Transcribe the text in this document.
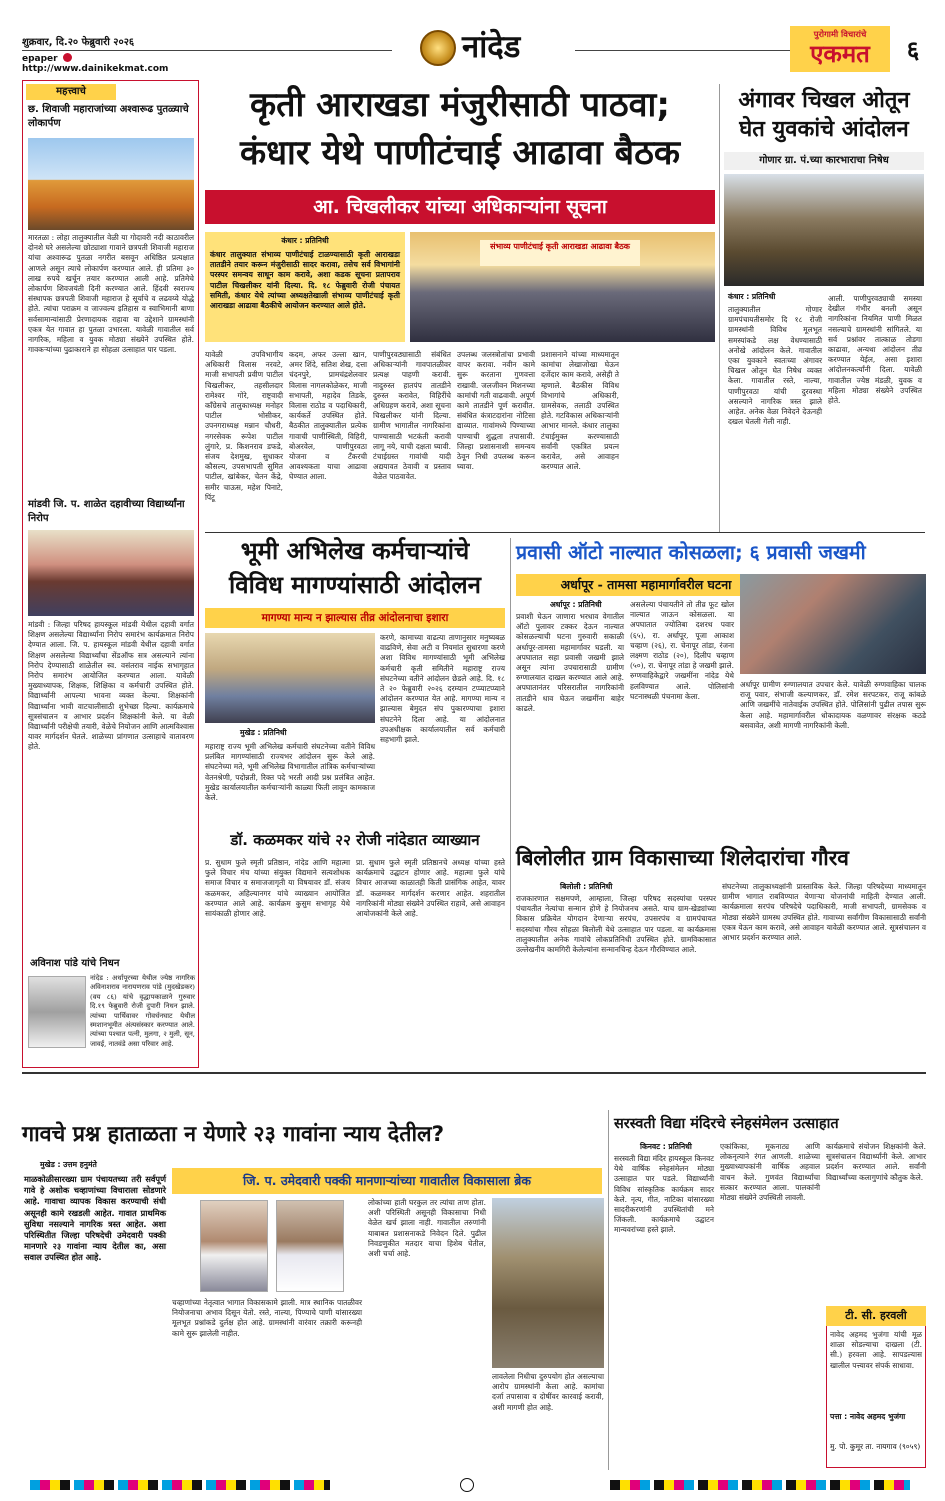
शुक्रवार, दि.२० फेब्रुवारी २०२६
epaper  http://www.dainikekmat.com
नांदेड	पुरोगामी विचारांचे
एकमत	६
महत्त्वाचे
छ. शिवाजी महाराजांच्या अश्वारूढ पुतळ्याचे लोकार्पण
मारतळा : लोहा तालुक्यातील वेळी या गोदावरी नदी काठावरील दोनशे घरे असलेल्या छोट्याशा गावाने छत्रपती शिवाजी महाराज यांचा अश्वारूढ पुतळा नगरीत बसवून अधिष्ठित प्रत्यक्षात आणले असून त्याचे लोकार्पण करण्यात आले. ही प्रतिमा ३० लाख रुपये खर्चून तयार करण्यात आली आहे. प्रतिमेचे लोकार्पण शिवजयंती दिनी करण्यात आले. हिंदवी स्वराज्य संस्थापक छत्रपती शिवाजी महाराज हे सूर्याचे व लढवय्ये योद्धे होते. त्यांचा पराक्रम व जाज्वल्य इतिहास व स्वाभिमानी बाणा सर्वसामान्यांसाठी प्रेरणादायक राहावा या उद्देशाने ग्रामस्थांनी एकत्र येत गावात हा पुतळा उभारला. यावेळी गावातील सर्व नागरिक, महिला व युवक मोठ्या संख्येने उपस्थित होते. गावकऱ्यांच्या पुढाकाराने हा सोहळा उत्साहात पार पडला.
मांडवी जि. प. शाळेत दहावीच्या विद्यार्थ्यांना निरोप
मांडवी : जिल्हा परिषद हायस्कूल मांडवी येथील दहावी वर्गात शिक्षण असलेल्या विद्यार्थ्यांना निरोप समारंभ कार्यक्रमात निरोप देण्यात आला. जि. प. हायस्कूल मांडवी येथील दहावी वर्गात शिक्षण असलेल्या विद्यार्थ्यांचा सेंडऑफ सत्र असल्याने त्यांना निरोप देण्यासाठी शाळेतील स्व. वसंतराव नाईक सभागृहात निरोप समारंभ आयोजित करण्यात आला. यावेळी मुख्याध्यापक, शिक्षक, शिक्षिका व कर्मचारी उपस्थित होते. विद्यार्थ्यांनी आपल्या भावना व्यक्त केल्या. शिक्षकांनी विद्यार्थ्यांना भावी वाटचालीसाठी शुभेच्छा दिल्या. कार्यक्रमाचे सूत्रसंचालन व आभार प्रदर्शन शिक्षकांनी केले. या वेळी विद्यार्थ्यांनी परीक्षेची तयारी, वेळेचे नियोजन आणि आत्मविश्वास यावर मार्गदर्शन घेतले. शाळेच्या प्रांगणात उत्साहाचे वातावरण होते.
अविनाश पांडे यांचे निधन
नांदेड : अर्धापूरच्या येथील ज्येष्ठ नागरिक अविनाशराव नारायणराव पांडे (मुदखेडकर) (वय ८६) यांचे वृद्धापकाळाने गुरुवार दि.१९ फेब्रुवारी रोजी दुपारी निधन झाले. त्यांच्या पार्थिवावर गोवर्धनघाट येथील स्मशानभूमीत अंत्यसंस्कार करण्यात आले. त्यांच्या पश्चात पत्नी, मुलगा, २ मुली, सून, जावई, नातवंडे असा परिवार आहे.
कृती आराखडा मंजुरीसाठी पाठवा;
कंधार येथे पाणीटंचाई आढावा बैठक
आ. चिखलीकर यांच्या अधिकाऱ्यांना सूचना
कंधार : प्रतिनिधी
कंधार तालुक्यात संभाव्य पाणीटंचाई टाळण्यासाठी कृती आराखडा तातडीने तयार करून मंजुरीसाठी सादर करावा, तसेच सर्व विभागांनी परस्पर समन्वय साधून काम करावे, अशा कडक सूचना प्रतापराव पाटील चिखलीकर यांनी दिल्या. दि. १८ फेब्रुवारी रोजी पंचायत समिती, कंधार येथे त्यांच्या अध्यक्षतेखाली संभाव्य पाणीटंचाई कृती आराखडा आढावा बैठकीचे आयोजन करण्यात आले होते.
संभाव्य पाणीटंचाई कृती आराखडा आढावा बैठक
यावेळी उपविभागीय अधिकारी विलास नरवटे, माजी सभापती प्रवीण पाटील चिखलीकर, तहसीलदार रामेश्वर गोरे, राष्ट्रवादी काँग्रेसचे तालुकाध्यक्ष मनोहर पाटील भोसीकर, उपनगराध्यक्ष मन्नान चौधरी, नगरसेवक रूपेश पाटील लुंगारे, प्र. किशनराव डफडे, संजय देशमुख, सुधाकर कौसल्य, उपसभापती सुमित पाटील, खांबेकर, चेतन केंद्रे, समीर चाऊस, महेश पिनाटे, पिंटू
कदम, अफर उल्ला खान, अमर शिंदे, सतिश शेख, दत्ता चंदनपुरे, प्रामचंद्रशेलवार विलास नागलकोळेकर, माजी सभापती, महादेव तिडके, विलास राठोड व पदाधिकारी, कार्यकर्ते उपस्थित होते. बैठकीत तालुक्यातील प्रत्येक गावाची पाणीस्थिती, विहिरी, बोअरवेल, पाणीपुरवठा योजना व टँकरची आवश्यकता याचा आढावा घेण्यात आला.
पाणीपुरवठ्यासाठी संबंधित अधिकाऱ्यांनी गावपातळीवर प्रत्यक्ष पाहणी करावी. नादुरुस्त हातपंप तातडीने दुरुस्त करावेत, विहिरींचे अधिग्रहण करावे, अशा सूचना चिखलीकर यांनी दिल्या. ग्रामीण भागातील नागरिकांना पाण्यासाठी भटकंती करावी लागू नये, याची दक्षता घ्यावी. टंचाईग्रस्त गावांची यादी अद्ययावत ठेवावी व प्रस्ताव वेळेत पाठवावेत.
उपलब्ध जलस्त्रोतांचा प्रभावी वापर करावा. नवीन कामे सुरू करताना गुणवत्ता राखावी. जलजीवन मिशनच्या कामांची गती वाढवावी. अपूर्ण कामे तातडीने पूर्ण करावीत. संबंधित कंत्राटदारांना नोटिसा द्याव्यात. गावांमध्ये पिण्याच्या पाण्याची शुद्धता तपासावी. जिल्हा प्रशासनाशी समन्वय ठेवून निधी उपलब्ध करून घ्यावा.
प्रशासनाने यांच्या माध्यमातून कामांचा लेखाजोखा घेऊन दर्जेदार काम करावे, असेही ते म्हणाले. बैठकीस विविध विभागांचे अधिकारी, ग्रामसेवक, तलाठी उपस्थित होते. गटविकास अधिकाऱ्यांनी आभार मानले. कंधार तालुका टंचाईमुक्त करण्यासाठी सर्वांनी एकत्रित प्रयत्न करावेत, असे आवाहन करण्यात आले.
अंगावर चिखल ओतून घेत युवकांचे आंदोलन
गोणार ग्रा. पं.च्या कारभाराचा निषेध
कंधार : प्रतिनिधी
तालुक्यातील गोणार ग्रामपंचायतीसमोर दि १८ रोजी ग्रामस्थांनी विविध मूलभूत समस्यांकडे लक्ष वेधण्यासाठी अनोखे आंदोलन केले. गावातील एका युवकाने स्वतःच्या अंगावर चिखल ओतून घेत निषेध व्यक्त केला. गावातील रस्ते, नाल्या, पाणीपुरवठा यांची दुरवस्था असल्याने नागरिक त्रस्त झाले आहेत. अनेक वेळा निवेदने देऊनही दखल घेतली गेली नाही.
आली. पाणीपुरवठ्याची समस्या देखील गंभीर बनली असून नागरिकांना नियमित पाणी मिळत नसल्याचे ग्रामस्थांनी सांगितले. या सर्व प्रश्नांवर तात्काळ तोडगा काढावा, अन्यथा आंदोलन तीव्र करण्यात येईल, असा इशारा आंदोलनकर्त्यांनी दिला. यावेळी गावातील ज्येष्ठ मंडळी, युवक व महिला मोठ्या संख्येने उपस्थित होते.
भूमी अभिलेख कर्मचाऱ्यांचे
विविध मागण्यांसाठी आंदोलन
मागण्या मान्य न झाल्यास तीव्र आंदोलनाचा इशारा
करणे, कामाच्या वाढत्या ताणानुसार मनुष्यबळ वाढविणे, सेवा अटी व नियमांत सुधारणा करणे अशा विविध मागण्यांसाठी भूमी अभिलेख कर्मचारी कृती समितीने महाराष्ट्र राज्य संघटनेच्या वतीने आंदोलन छेडले आहे. दि. १८ ते २० फेब्रुवारी २०२६ दरम्यान टप्प्याटप्प्याने आंदोलन करण्यात येत आहे. मागण्या मान्य न झाल्यास बेमुदत संप पुकारण्याचा इशारा संघटनेने दिला आहे. या आंदोलनात उपअधीक्षक कार्यालयातील सर्व कर्मचारी सहभागी झाले.
मुखेड : प्रतिनिधी
महाराष्ट्र राज्य भूमी अभिलेख कर्मचारी संघटनेच्या वतीने विविध प्रलंबित मागण्यांसाठी राज्यभर आंदोलन सुरू केले आहे. संघटनेच्या मते, भूमी अभिलेख विभागातील तांत्रिक कर्मचाऱ्यांच्या वेतनश्रेणी, पदोन्नती, रिक्त पदे भरती आदी प्रश्न प्रलंबित आहेत. मुखेड कार्यालयातील कर्मचाऱ्यांनी काळ्या फिती लावून कामकाज केले.
डॉ. कळमकर यांचे २२ रोजी नांदेडात व्याख्यान
प्र. सुधाम फुले स्मृती प्रतिष्ठान, नांदेड आणि महात्मा फुले विचार मंच यांच्या संयुक्त विद्यमाने सत्यशोधक समाज विचार व समाजजागृती या विषयावर डॉ. संजय कळमकर, अहिल्यानगर यांचे व्याख्यान आयोजित करण्यात आले आहे. कार्यक्रम कुसुम सभागृह येथे सायंकाळी होणार आहे.
प्रा. सुधाम फुले स्मृती प्रतिष्ठानचे अध्यक्ष यांच्या हस्ते कार्यक्रमाचे उद्घाटन होणार आहे. महात्मा फुले यांचे विचार आजच्या काळातही किती प्रासंगिक आहेत, यावर डॉ. कळमकर मार्गदर्शन करणार आहेत. शहरातील नागरिकांनी मोठ्या संख्येने उपस्थित राहावे, असे आवाहन आयोजकांनी केले आहे.
प्रवासी ऑटो नाल्यात कोसळला; ६ प्रवासी जखमी
अर्धापूर - तामसा महामार्गावरील घटना
अर्धापूर : प्रतिनिधी
प्रवाशी घेऊन जाणारा भरधाव वेगातील ऑटो पुलावर टक्कर देऊन नाल्यात कोसळल्याची घटना गुरुवारी सकाळी अर्धापूर-तामसा महामार्गावर घडली. या अपघातात सहा प्रवासी जखमी झाले असून त्यांना उपचारासाठी ग्रामीण रुग्णालयात दाखल करण्यात आले आहे. अपघातानंतर परिसरातील नागरिकांनी तातडीने धाव घेऊन जखमींना बाहेर काढले.
असलेल्या पंचायतीने तो तीव्र फूट खोल नाल्यात जाऊन कोसळला. या अपघातात ज्योतिबा दशरथ पवार (६५), रा. अर्धापूर, पूजा आकाश चव्हाण (२६), रा. चेनापूर तांडा, रंजना लक्ष्मण राठोड (२०), दिलीप चव्हाण (५०), रा. चेनापूर तांडा हे जखमी झाले. रुग्णवाहिकेद्वारे जखमींना नांदेड येथे हलविण्यात आले. पोलिसांनी घटनास्थळी पंचनामा केला.
अर्धापूर ग्रामीण रुग्णालयात उपचार केले. यावेळी रुग्णवाहिका चालक राजू पवार, संभाजी कल्याणकर, डॉ. रमेश सरपटकर, राजू कांबळे आणि जखमींचे नातेवाईक उपस्थित होते. पोलिसांनी पुढील तपास सुरू केला आहे. महामार्गावरील धोकादायक वळणावर संरक्षक कठडे बसवावेत, अशी मागणी नागरिकांनी केली.
बिलोलीत ग्राम विकासाच्या शिलेदारांचा गौरव
बिलोली : प्रतिनिधी
राजकारणात सक्षमपणे, आम्हाला, जिल्हा परिषद सदस्यांचा परस्पर पंचायतीत नेत्यांचा सन्मान होणे हे नियोजनच असते. याच ग्राम-खेड्यांच्या विकास प्रक्रियेत योगदान देणाऱ्या सरपंच, उपसरपंच व ग्रामपंचायत सदस्यांचा गौरव सोहळा बिलोली येथे उत्साहात पार पडला. या कार्यक्रमास तालुक्यातील अनेक गावांचे लोकप्रतिनिधी उपस्थित होते. ग्रामविकासात उल्लेखनीय कामगिरी केलेल्यांना सन्मानचिन्ह देऊन गौरविण्यात आले.
संघटनेच्या तालुकाध्यक्षांनी प्रास्ताविक केले. जिल्हा परिषदेच्या माध्यमातून ग्रामीण भागात राबविण्यात येणाऱ्या योजनांची माहिती देण्यात आली. कार्यक्रमाला सरपंच परिषदेचे पदाधिकारी, माजी सभापती, ग्रामसेवक व मोठ्या संख्येने ग्रामस्थ उपस्थित होते. गावाच्या सर्वांगीण विकासासाठी सर्वांनी एकत्र येऊन काम करावे, असे आवाहन यावेळी करण्यात आले. सूत्रसंचालन व आभार प्रदर्शन करण्यात आले.
गावचे प्रश्न हाताळता न येणारे २३ गावांना न्याय देतील?
मुखेड : उत्तम हनुमंते
माळकोळीसारख्या ग्राम पंचायतच्या तरी सर्वपूर्ण गावे हे अशोक चव्हाणांच्या विचाराला सोडणारे आहे. गावाचा व्यापक विकास करण्याची संधी असूनही कामे रखडली आहेत. गावात प्राथमिक सुविधा नसल्याने नागरिक त्रस्त आहेत. अशा परिस्थितीत जिल्हा परिषदेची उमेदवारी पक्की मानणारे २३ गावांना न्याय देतील का, असा सवाल उपस्थित होत आहे.
जि. प. उमेदवारी पक्की मानणाऱ्यांच्या गावातील विकासाला ब्रेक
चव्हाणांच्या नेतृत्वात भागात विकासकामे झाली. मात्र स्थानिक पातळीवर नियोजनाचा अभाव दिसून येतो. रस्ते, नाल्या, पिण्याचे पाणी यांसारख्या मूलभूत प्रश्नांकडे दुर्लक्ष होत आहे. ग्रामस्थांनी वारंवार तक्रारी करूनही कामे सुरू झालेली नाहीत.
लोकांच्या हाती घरकुल तर त्यांचा ताण होता. अशी परिस्थिती असूनही विकासाचा निधी वेळेत खर्च झाला नाही. गावातील तरुणांनी याबाबत प्रशासनाकडे निवेदन दिले. पुढील निवडणुकीत मतदार याचा हिशेब घेतील, अशी चर्चा आहे.
लावलेला निधीचा दुरुपयोग होत असल्याचा आरोप ग्रामस्थांनी केला आहे. कामांचा दर्जा तपासावा व दोषींवर कारवाई करावी, अशी मागणी होत आहे.
सरस्वती विद्या मंदिरचे स्नेहसंमेलन उत्साहात
किनवट : प्रतिनिधी
सरस्वती विद्या मंदिर हायस्कूल किनवट येथे वार्षिक स्नेहसंमेलन मोठ्या उत्साहात पार पडले. विद्यार्थ्यांनी विविध सांस्कृतिक कार्यक्रम सादर केले. नृत्य, गीत, नाटिका यांसारख्या सादरीकरणांनी उपस्थितांची मने जिंकली. कार्यक्रमाचे उद्घाटन मान्यवरांच्या हस्ते झाले.
एकांकिका, मूकनाट्य आणि लोकनृत्याने रंगत आणली. शाळेच्या मुख्याध्यापकांनी वार्षिक अहवाल वाचन केले. गुणवंत विद्यार्थ्यांचा सत्कार करण्यात आला. पालकांनी मोठ्या संख्येने उपस्थिती लावली.
कार्यक्रमाचे संयोजन शिक्षकांनी केले. सूत्रसंचालन विद्यार्थ्यांनी केले. आभार प्रदर्शन करण्यात आले. सर्वांनी विद्यार्थ्यांच्या कलागुणांचे कौतुक केले.
टी. सी. हरवली
नावेद अहमद भुजंगा यांची मूळ शाळा सोडल्याचा दाखला (टी. सी.) हरवला आहे. सापडल्यास खालील पत्त्यावर संपर्क साधावा.
पत्ता : नावेद अहमद भुजंगा
मु. पो. कुमूर ता. नायगाव (९०५९)
